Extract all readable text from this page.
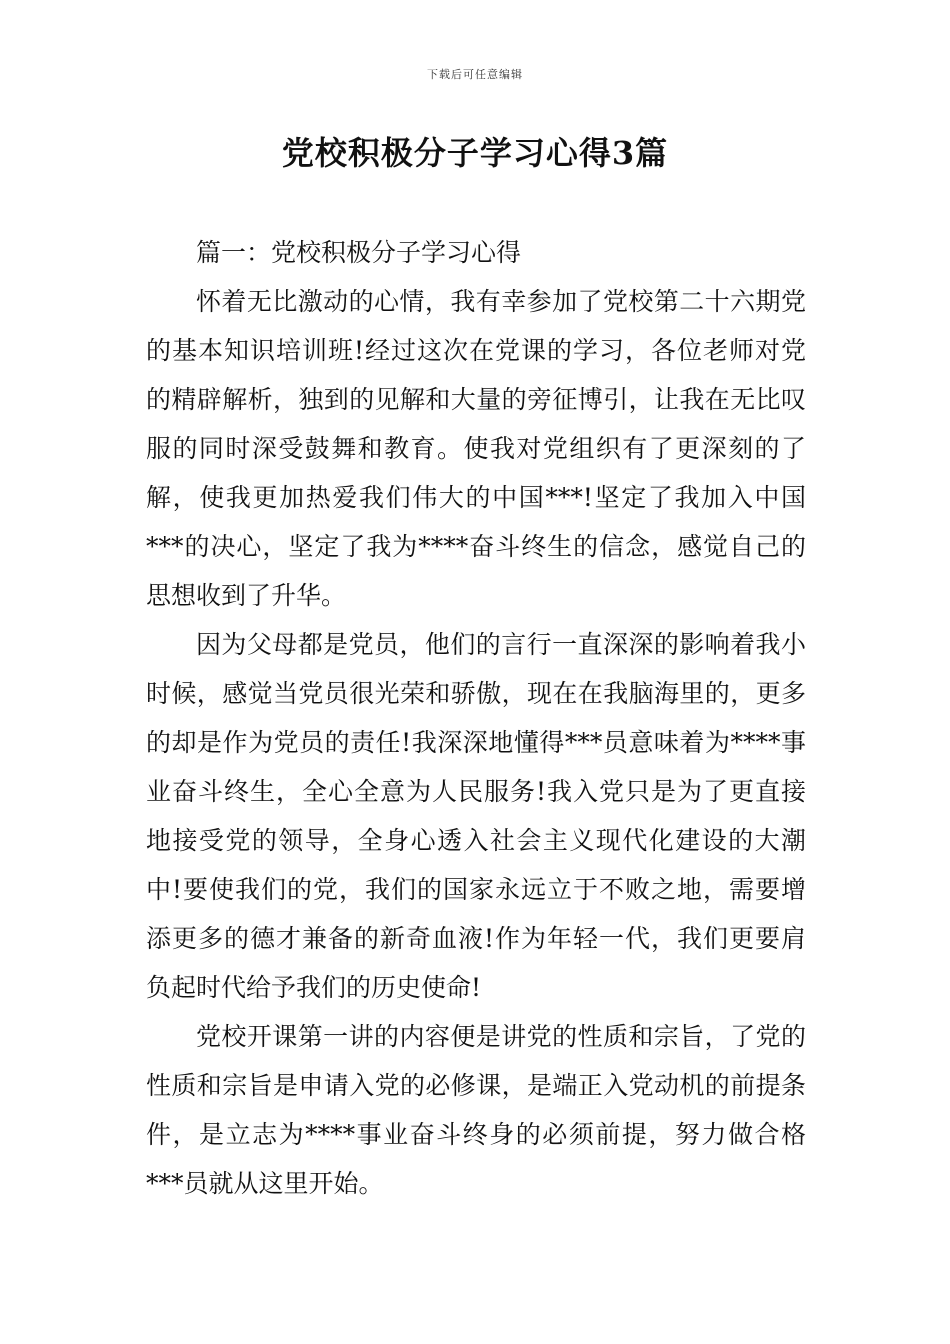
下载后可任意编辑
党校积极分子学习心得3篇
篇一：党校积极分子学习心得

怀着无比激动的心情，我有幸参加了党校第二十六期党的基本知识培训班!经过这次在党课的学习，各位老师对党的精辟解析，独到的见解和大量的旁征博引，让我在无比叹服的同时深受鼓舞和教育。使我对党组织有了更深刻的了解，使我更加热爱我们伟大的中国***!坚定了我加入中国***的决心，坚定了我为****奋斗终生的信念，感觉自己的思想收到了升华。

因为父母都是党员，他们的言行一直深深的影响着我小时候，感觉当党员很光荣和骄傲，现在在我脑海里的，更多的却是作为党员的责任!我深深地懂得***员意味着为****事业奋斗终生，全心全意为人民服务!我入党只是为了更直接地接受党的领导，全身心透入社会主义现代化建设的大潮中!要使我们的党，我们的国家永远立于不败之地，需要增添更多的德才兼备的新奇血液!作为年轻一代，我们更要肩负起时代给予我们的历史使命!

党校开课第一讲的内容便是讲党的性质和宗旨，了党的性质和宗旨是申请入党的必修课，是端正入党动机的前提条件，是立志为****事业奋斗终身的必须前提，努力做合格***员就从这里开始。
